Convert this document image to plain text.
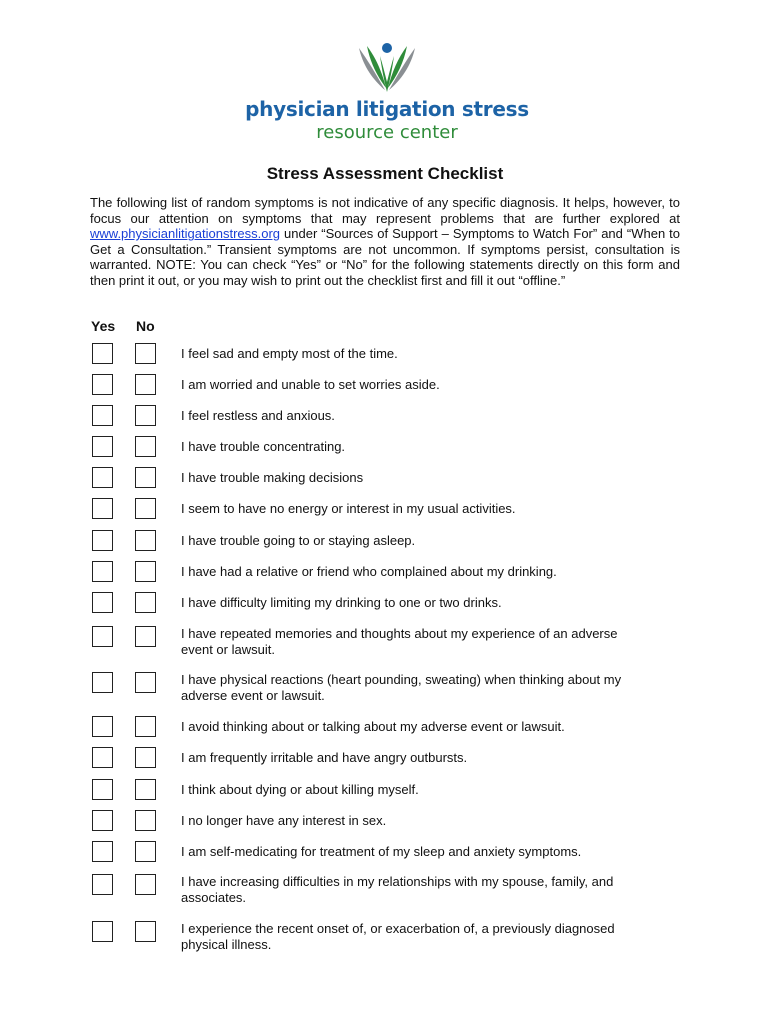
physician litigation stress
resource center
Stress Assessment Checklist

The following list of random symptoms is not indicative of any specific diagnosis. It helps, however, to focus our attention on symptoms that may represent problems that are further explored at www.physicianlitigationstress.org under “Sources of Support – Symptoms to Watch For” and “When to Get a Consultation.” Transient symptoms are not uncommon. If symptoms persist, consultation is warranted. NOTE: You can check “Yes” or “No” for the following statements directly on this form and then print it out, or you may wish to print out the checklist first and fill it out “offline.”

Yes No
I feel sad and empty most of the time.
I am worried and unable to set worries aside.
I feel restless and anxious.
I have trouble concentrating.
I have trouble making decisions
I seem to have no energy or interest in my usual activities.
I have trouble going to or staying asleep.
I have had a relative or friend who complained about my drinking.
I have difficulty limiting my drinking to one or two drinks.
I have repeated memories and thoughts about my experience of an adverse event or lawsuit.
I have physical reactions (heart pounding, sweating) when thinking about my adverse event or lawsuit.
I avoid thinking about or talking about my adverse event or lawsuit.
I am frequently irritable and have angry outbursts.
I think about dying or about killing myself.
I no longer have any interest in sex.
I am self-medicating for treatment of my sleep and anxiety symptoms.
I have increasing difficulties in my relationships with my spouse, family, and associates.
I experience the recent onset of, or exacerbation of, a previously diagnosed physical illness.
